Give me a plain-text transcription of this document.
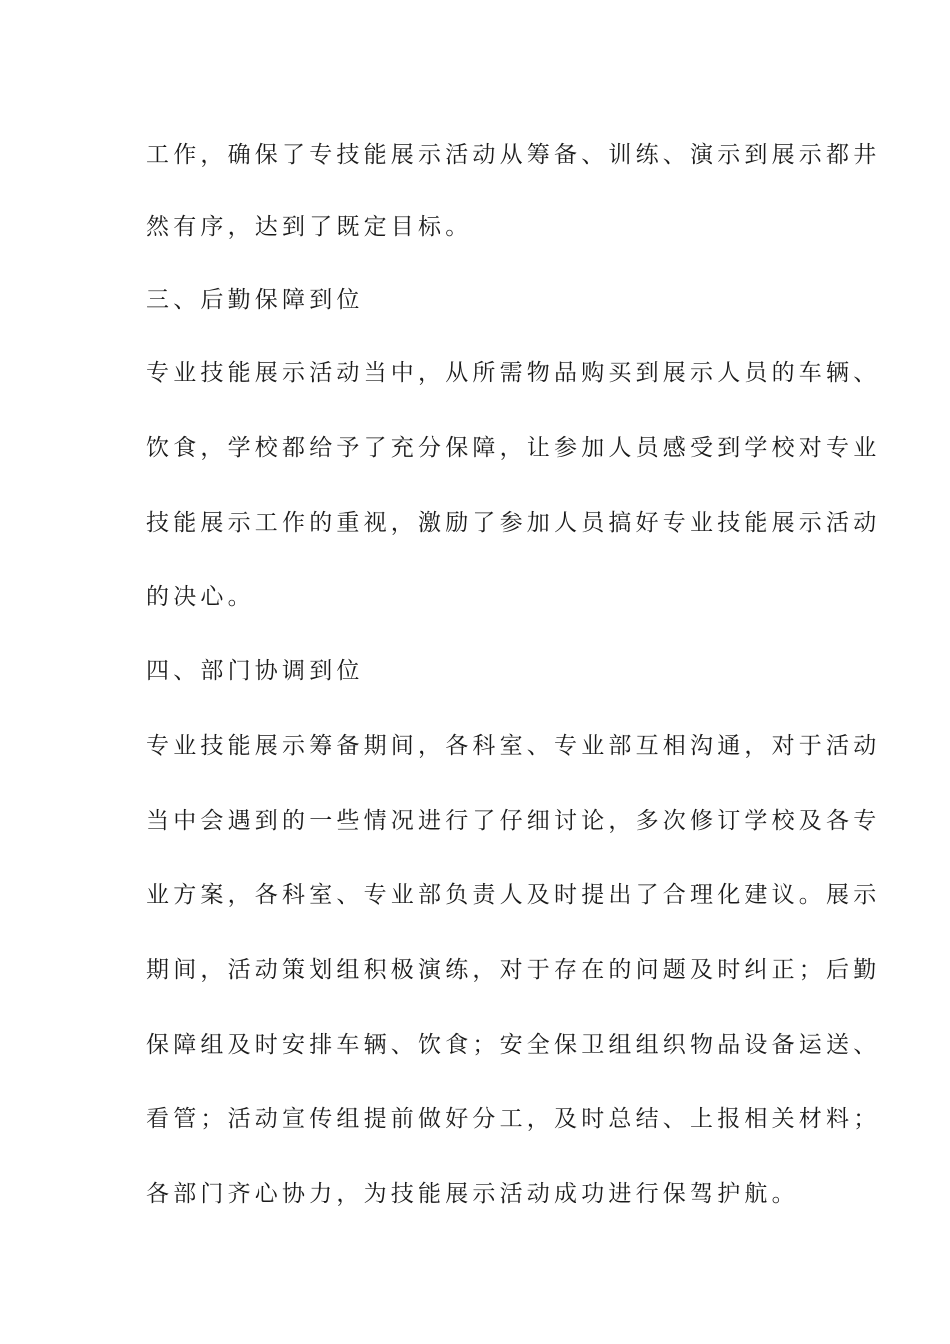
工作，确保了专技能展示活动从筹备、训练、演示到展示都井
然有序，达到了既定目标。
三、后勤保障到位
专业技能展示活动当中，从所需物品购买到展示人员的车辆、
饮食，学校都给予了充分保障，让参加人员感受到学校对专业
技能展示工作的重视，激励了参加人员搞好专业技能展示活动
的决心。
四、部门协调到位
专业技能展示筹备期间，各科室、专业部互相沟通，对于活动
当中会遇到的一些情况进行了仔细讨论，多次修订学校及各专
业方案，各科室、专业部负责人及时提出了合理化建议。展示
期间，活动策划组积极演练，对于存在的问题及时纠正；后勤
保障组及时安排车辆、饮食；安全保卫组组织物品设备运送、
看管；活动宣传组提前做好分工，及时总结、上报相关材料；
各部门齐心协力，为技能展示活动成功进行保驾护航。
